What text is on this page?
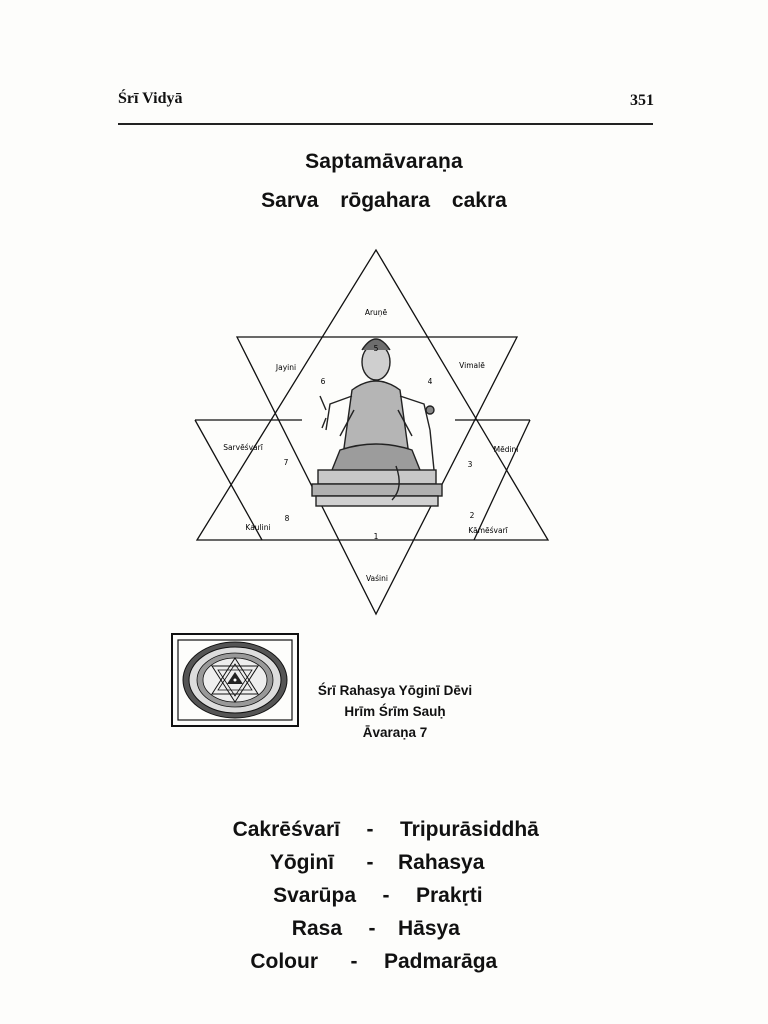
Śrī Vidyā	351
Saptamāvaraṇa
Sarva rōgahara cakra
Aruṇē
Jayini	Vimalē
Sarvēśvarī	Mēdini
Kaulini	Kāmēśvarī
Vaśini
5
6	4
7	3
8	2
1
Śrī Rahasya Yōginī Dēvi
Hrīm Śrīm Sauḥ
Āvaraṇa 7
Cakrēśvarī	-	Tripurāsiddhā
Yōginī	-	Rahasya
Svarūpa	-	Prakṛti
Rasa	-	Hāsya
Colour	-	Padmarāga
